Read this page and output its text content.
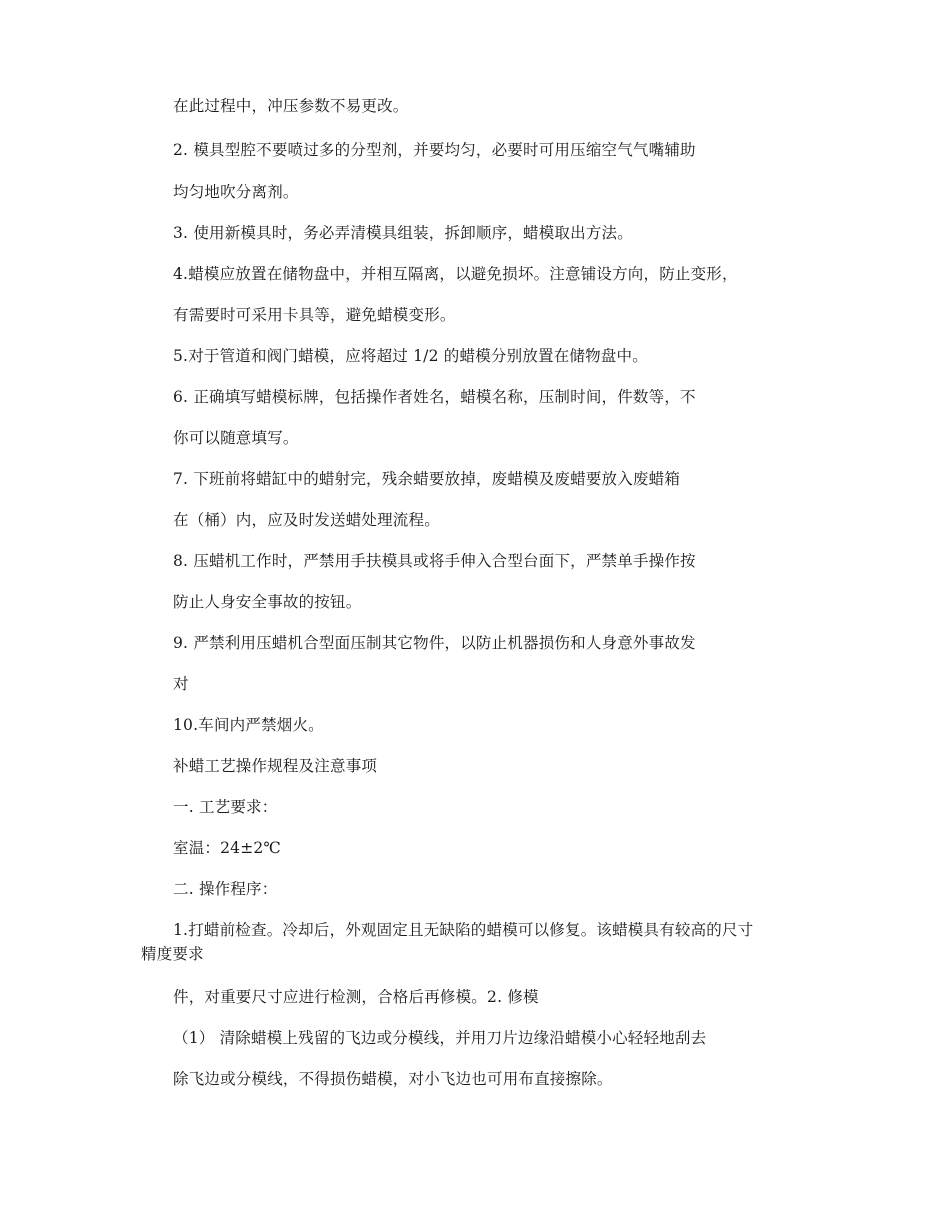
在此过程中，冲压参数不易更改。
2. 模具型腔不要喷过多的分型剂，并要均匀，必要时可用压缩空气气嘴辅助
均匀地吹分离剂。
3. 使用新模具时，务必弄清模具组装，拆卸顺序，蜡模取出方法。
4.蜡模应放置在储物盘中，并相互隔离，以避免损坏。注意铺设方向，防止变形，
有需要时可采用卡具等，避免蜡模变形。
5.对于管道和阀门蜡模，应将超过 1/2 的蜡模分别放置在储物盘中。
6. 正确填写蜡模标牌，包括操作者姓名，蜡模名称，压制时间，件数等，不
你可以随意填写。
7. 下班前将蜡缸中的蜡射完，残余蜡要放掉，废蜡模及废蜡要放入废蜡箱
在（桶）内，应及时发送蜡处理流程。
8. 压蜡机工作时，严禁用手扶模具或将手伸入合型台面下，严禁单手操作按
防止人身安全事故的按钮。
9. 严禁利用压蜡机合型面压制其它物件，以防止机器损伤和人身意外事故发
对
10.车间内严禁烟火。
补蜡工艺操作规程及注意事项
一. 工艺要求：
室温：24±2℃
二. 操作程序：
1.打蜡前检查。冷却后，外观固定且无缺陷的蜡模可以修复。该蜡模具有较高的尺寸
精度要求
件，对重要尺寸应进行检测，合格后再修模。2. 修模
（1） 清除蜡模上残留的飞边或分模线，并用刀片边缘沿蜡模小心轻轻地刮去
除飞边或分模线，不得损伤蜡模，对小飞边也可用布直接擦除。
